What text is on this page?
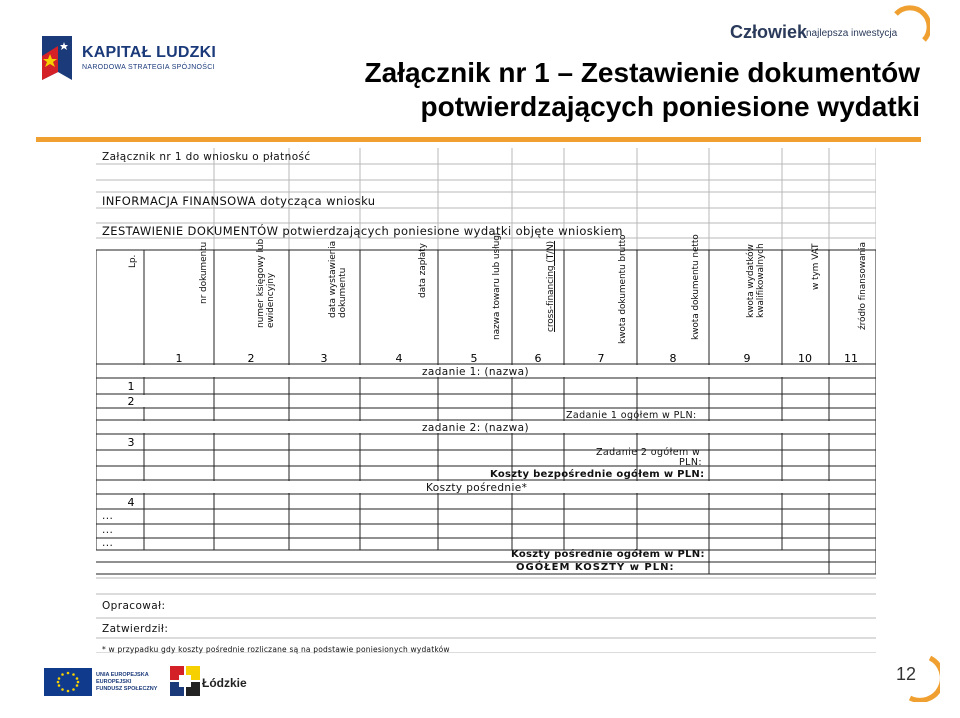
KAPITAŁ LUDZKI
NARODOWA STRATEGIA SPÓJNOŚCI
Człowiek
najlepsza inwestycja
Załącznik nr 1 – Zestawienie dokumentów
potwierdzających poniesione wydatki
Załącznik nr 1 do wniosku o płatność
INFORMACJA FINANSOWA dotycząca wniosku
ZESTAWIENIE DOKUMENTÓW potwierdzających poniesione wydatki objęte wnioskiem
Lp.	nr dokumentu	numer księgowy lub ewidencyjny	data wystawienia dokumentu	data zapłaty	nazwa towaru lub usługi	cross-financing (T/N)	kwota dokumentu brutto	kwota dokumentu netto	kwota wydatków kwalifikowalnych	w tym VAT	źródło finansowania
1	2	3	4	5	6	7	8	9	10	11
zadanie 1: (nazwa)
1
2
Zadanie 1 ogółem w PLN:
zadanie 2: (nazwa)
3
Zadanie 2 ogółem w
PLN:
Koszty bezpośrednie ogółem w PLN:
Koszty pośrednie*
4
...
...
...
Koszty pośrednie ogółem w PLN:
OGÓŁEM KOSZTY w PLN:
Opracował:
Zatwierdził:
* w przypadku gdy koszty pośrednie rozliczane są na podstawie poniesionych wydatków
UNIA EUROPEJSKA
EUROPEJSKI
FUNDUSZ SPOŁECZNY	Łódzkie	12
